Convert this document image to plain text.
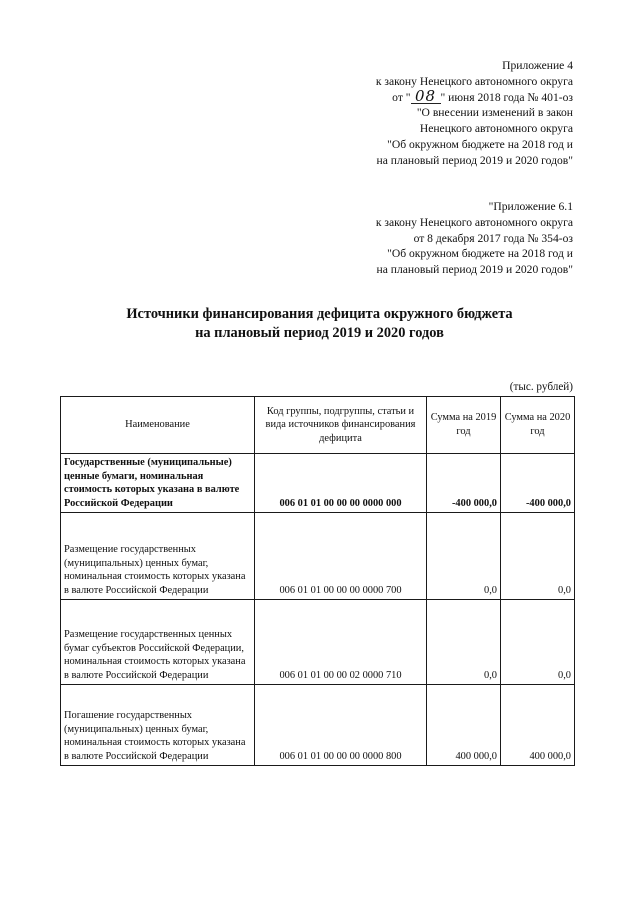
Приложение 4
к закону Ненецкого автономного округа
от " 08 " июня 2018 года № 401-оз
"О внесении изменений в закон
Ненецкого автономного округа
"Об окружном бюджете на 2018 год и
на плановый период 2019 и 2020 годов"
"Приложение 6.1
к закону Ненецкого автономного округа
от 8 декабря 2017 года № 354-оз
"Об окружном бюджете на 2018 год и
на плановый период 2019 и 2020 годов"
Источники финансирования дефицита окружного бюджета
на плановый период 2019 и 2020 годов
(тыс. рублей)
Наименование	Код группы, подгруппы, статьи и вида источников финансирования дефицита	Сумма на 2019 год	Сумма на 2020 год
Государственные (муниципальные) ценные бумаги, номинальная стоимость которых указана в валюте Российской Федерации	006 01 01 00 00 00 0000 000	-400 000,0	-400 000,0
Размещение государственных (муниципальных) ценных бумаг, номинальная стоимость которых указана в валюте Российской Федерации	006 01 01 00 00 00 0000 700	0,0	0,0
Размещение государственных ценных бумаг субъектов Российской Федерации, номинальная стоимость которых указана в валюте Российской Федерации	006 01 01 00 00 02 0000 710	0,0	0,0
Погашение государственных (муниципальных) ценных бумаг, номинальная стоимость которых указана в валюте Российской Федерации	006 01 01 00 00 00 0000 800	400 000,0	400 000,0
